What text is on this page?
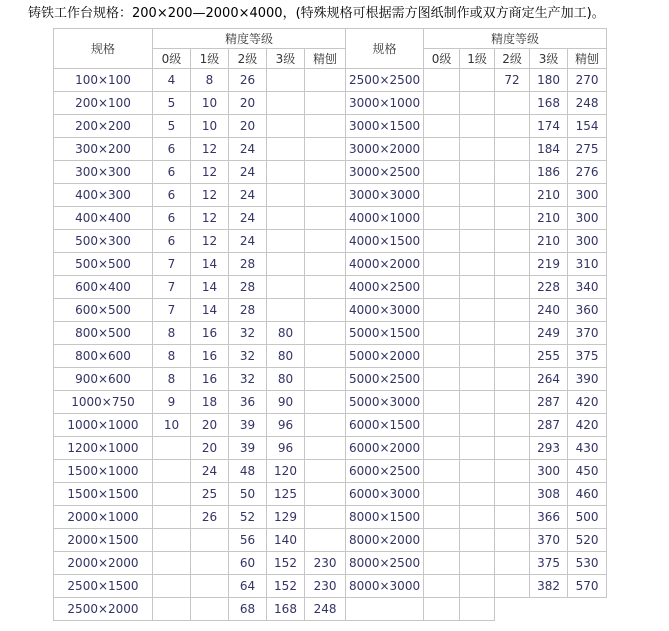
铸铁工作台规格：200×200—2000×4000，(特殊规格可根据需方图纸制作或双方商定生产加工)。

规格	精度等级					规格	精度等级				
	0级	1级	2级	3级	精刨		0级	1级	2级	3级	精刨
100×100	4	8	26			2500×2500			72	180	270
200×100	5	10	20			3000×1000				168	248
200×200	5	10	20			3000×1500				174	154
300×200	6	12	24			3000×2000				184	275
300×300	6	12	24			3000×2500				186	276
400×300	6	12	24			3000×3000				210	300
400×400	6	12	24			4000×1000				210	300
500×300	6	12	24			4000×1500				210	300
500×500	7	14	28			4000×2000				219	310
600×400	7	14	28			4000×2500				228	340
600×500	7	14	28			4000×3000				240	360
800×500	8	16	32	80		5000×1500				249	370
800×600	8	16	32	80		5000×2000				255	375
900×600	8	16	32	80		5000×2500				264	390
1000×750	9	18	36	90		5000×3000				287	420
1000×1000	10	20	39	96		6000×1500				287	420
1200×1000		20	39	96		6000×2000				293	430
1500×1000		24	48	120		6000×2500				300	450
1500×1500		25	50	125		6000×3000				308	460
2000×1000		26	52	129		8000×1500				366	500
2000×1500			56	140		8000×2000				370	520
2000×2000			60	152	230	8000×2500				375	530
2500×1500			64	152	230	8000×3000				382	570
2500×2000			68	168	248						
